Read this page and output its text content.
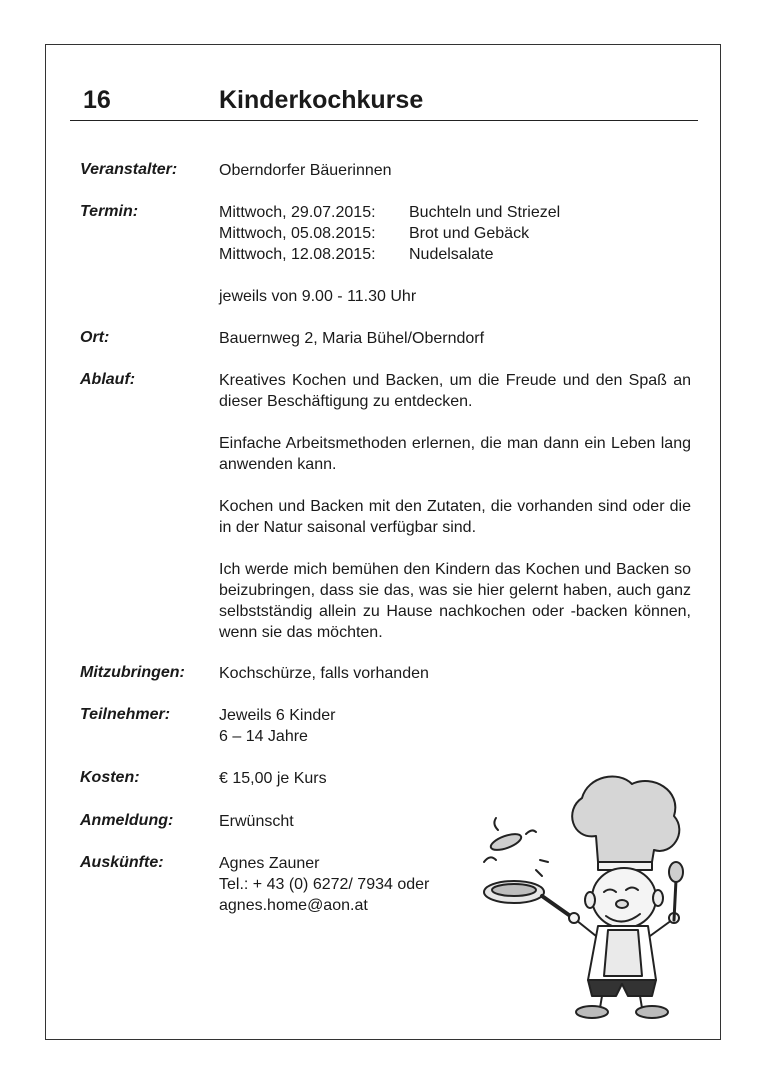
16	Kinderkochkurse
Veranstalter:	Oberndorfer Bäuerinnen
Termin:	Mittwoch, 29.07.2015: Buchteln und Striezel
Mittwoch, 05.08.2015: Brot und Gebäck
Mittwoch, 12.08.2015: Nudelsalate
jeweils von 9.00 - 11.30 Uhr
Ort:	Bauernweg 2, Maria Bühel/Oberndorf
Ablauf:	Kreatives Kochen und Backen, um die Freude und den Spaß an dieser Beschäftigung zu entdecken.
Einfache Arbeitsmethoden erlernen, die man dann ein Leben lang anwenden kann.
Kochen und Backen mit den Zutaten, die vorhanden sind oder die in der Natur saisonal verfügbar sind.
Ich werde mich bemühen den Kindern das Kochen und Backen so beizubringen, dass sie das, was sie hier gelernt haben, auch ganz selbstständig allein zu Hause nachkochen oder -backen können, wenn sie das möchten.
Mitzubringen: Kochschürze, falls vorhanden
Teilnehmer:	Jeweils 6 Kinder
6 – 14 Jahre
Kosten:	€ 15,00 je Kurs
Anmeldung:	Erwünscht
Auskünfte:	Agnes Zauner
Tel.: + 43 (0) 6272/ 7934 oder
agnes.home@aon.at
